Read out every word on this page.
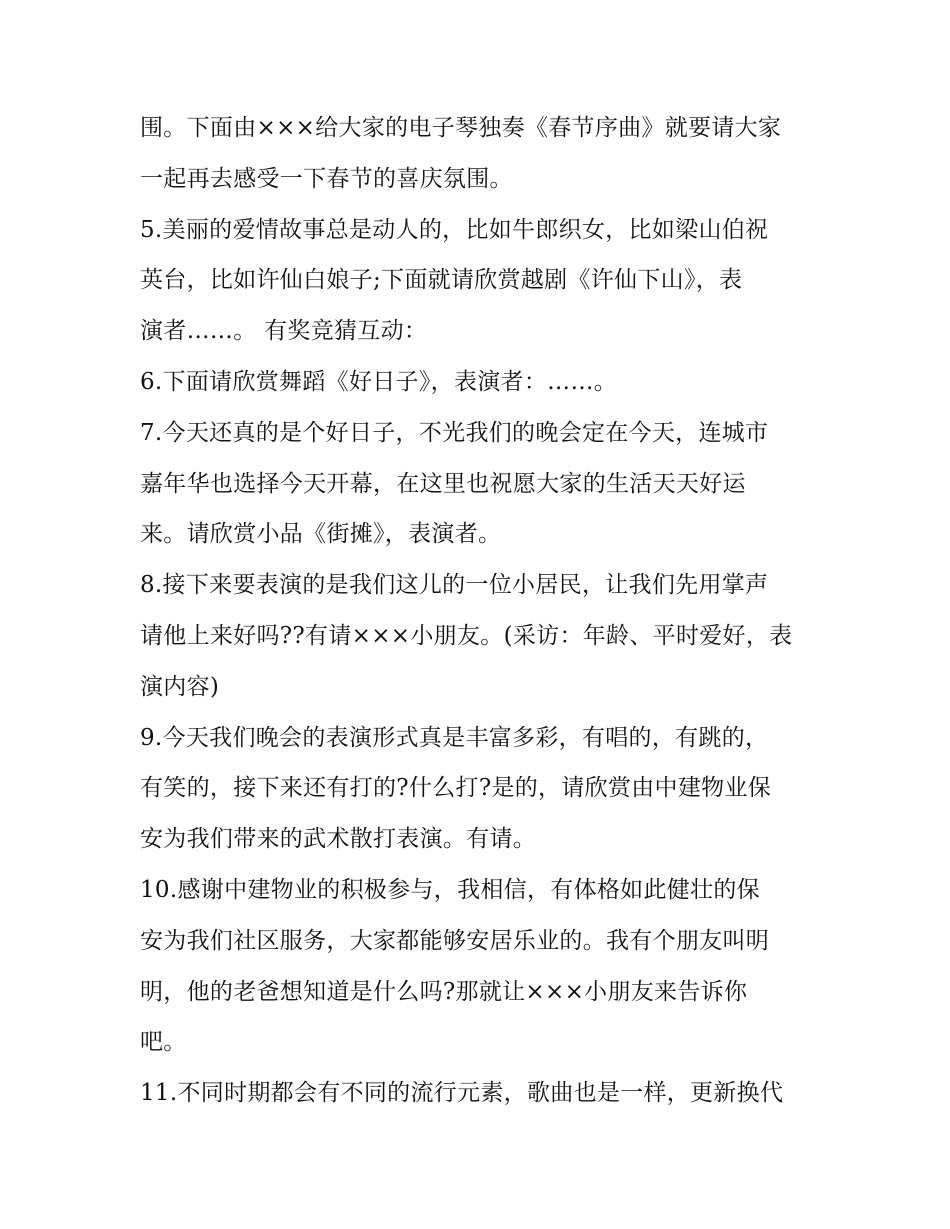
围。下面由×××给大家的电子琴独奏《春节序曲》就要请大家
一起再去感受一下春节的喜庆氛围。
5.美丽的爱情故事总是动人的，比如牛郎织女，比如梁山伯祝
英台，比如许仙白娘子;下面就请欣赏越剧《许仙下山》，表
演者……。 有奖竞猜互动：
6.下面请欣赏舞蹈《好日子》，表演者：……。
7.今天还真的是个好日子，不光我们的晚会定在今天，连城市
嘉年华也选择今天开幕，在这里也祝愿大家的生活天天好运
来。请欣赏小品《街摊》，表演者。
8.接下来要表演的是我们这儿的一位小居民，让我们先用掌声
请他上来好吗??有请×××小朋友。(采访：年龄、平时爱好，表
演内容)
9.今天我们晚会的表演形式真是丰富多彩，有唱的，有跳的，
有笑的，接下来还有打的?什么打?是的，请欣赏由中建物业保
安为我们带来的武术散打表演。有请。
10.感谢中建物业的积极参与，我相信，有体格如此健壮的保
安为我们社区服务，大家都能够安居乐业的。我有个朋友叫明
明，他的老爸想知道是什么吗?那就让×××小朋友来告诉你
吧。
11.不同时期都会有不同的流行元素，歌曲也是一样，更新换代
